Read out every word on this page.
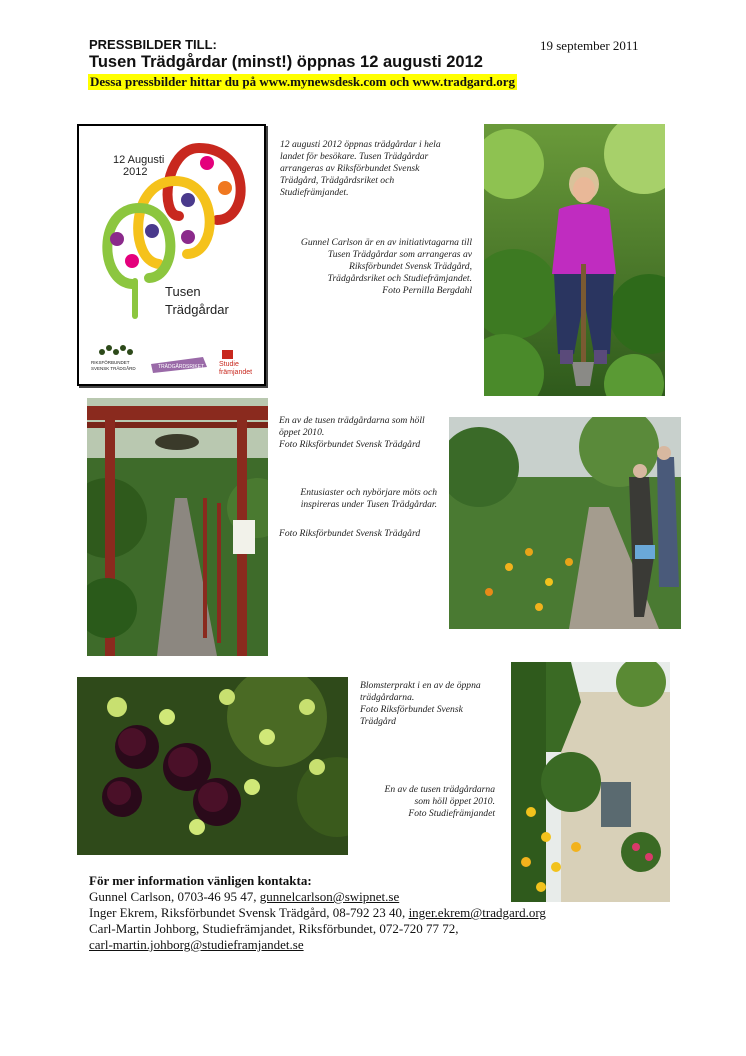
PRESSBILDER TILL:	19 september 2011
Tusen Trädgårdar (minst!) öppnas 12 augusti 2012
Dessa pressbilder hittar du på www.mynewsdesk.com och www.tradgard.org
12 Augusti
2012
Tusen
Trädgårdar
RIKSFÖRBUNDET
SVENSK TRÄDGÅRD	TRÄDGÅRDSRIKET Studie
främjandet
12 augusti 2012 öppnas trädgårdar i hela
landet för besökare. Tusen Trädgårdar
arrangeras av Riksförbundet Svensk
Trädgård, Trädgårdsriket och
Studiefrämjandet.
Gunnel Carlson är en av initiativtagarna till
Tusen Trädgårdar som arrangeras av
Riksförbundet Svensk Trädgård,
Trädgårdsriket och Studiefrämjandet.
Foto Pernilla Bergdahl
En av de tusen trädgårdarna som höll
öppet 2010.
Foto Riksförbundet Svensk Trädgård
Entusiaster och nybörjare möts och
inspireras under Tusen Trädgårdar.
Foto Riksförbundet Svensk Trädgård
Blomsterprakt i en av de öppna
trädgårdarna.
Foto Riksförbundet Svensk
Trädgård
En av de tusen trädgårdarna
som höll öppet 2010.
Foto Studiefrämjandet
För mer information vänligen kontakta:
Gunnel Carlson, 0703-46 95 47, gunnelcarlson@swipnet.se
Inger Ekrem, Riksförbundet Svensk Trädgård, 08-792 23 40, inger.ekrem@tradgard.org
Carl-Martin Johborg, Studiefrämjandet, Riksförbundet, 072-720 77 72,
carl-martin.johborg@studieframjandet.se
